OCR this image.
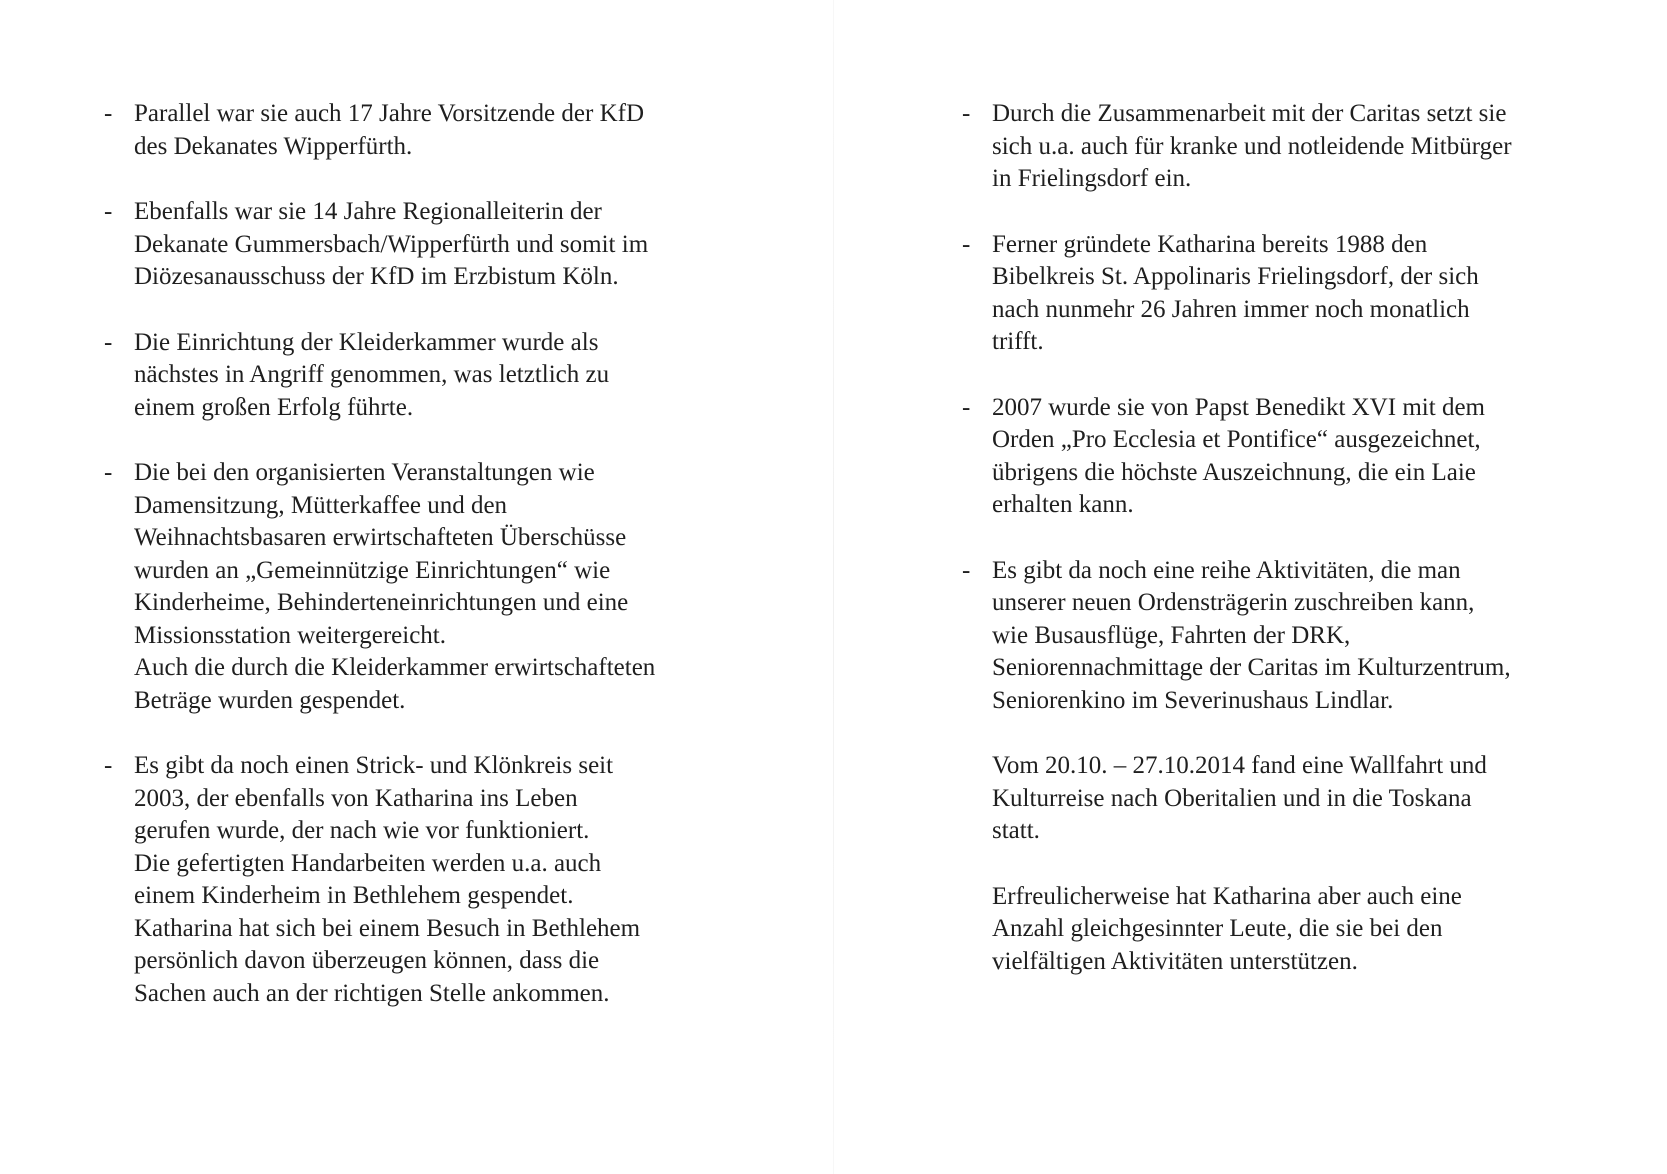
- Parallel war sie auch 17 Jahre Vorsitzende der KfD
des Dekanates Wipperfürth.
- Ebenfalls war sie 14 Jahre Regionalleiterin der
Dekanate Gummersbach/Wipperfürth und somit im
Diözesanausschuss der KfD im Erzbistum Köln.
- Die Einrichtung der Kleiderkammer wurde als
nächstes in Angriff genommen, was letztlich zu
einem großen Erfolg führte.
- Die bei den organisierten Veranstaltungen wie
Damensitzung, Mütterkaffee und den
Weihnachtsbasaren erwirtschafteten Überschüsse
wurden an „Gemeinnützige Einrichtungen“ wie
Kinderheime, Behinderteneinrichtungen und eine
Missionsstation weitergereicht.
Auch die durch die Kleiderkammer erwirtschafteten
Beträge wurden gespendet.
- Es gibt da noch einen Strick- und Klönkreis seit
2003, der ebenfalls von Katharina ins Leben
gerufen wurde, der nach wie vor funktioniert.
Die gefertigten Handarbeiten werden u.a. auch
einem Kinderheim in Bethlehem gespendet.
Katharina hat sich bei einem Besuch in Bethlehem
persönlich davon überzeugen können, dass die
Sachen auch an der richtigen Stelle ankommen.
- Durch die Zusammenarbeit mit der Caritas setzt sie
sich u.a. auch für kranke und notleidende Mitbürger
in Frielingsdorf ein.
- Ferner gründete Katharina bereits 1988 den
Bibelkreis St. Appolinaris Frielingsdorf, der sich
nach nunmehr 26 Jahren immer noch monatlich
trifft.
- 2007 wurde sie von Papst Benedikt XVI mit dem
Orden „Pro Ecclesia et Pontifice“ ausgezeichnet,
übrigens die höchste Auszeichnung, die ein Laie
erhalten kann.
- Es gibt da noch eine reihe Aktivitäten, die man
unserer neuen Ordensträgerin zuschreiben kann,
wie Busausflüge, Fahrten der DRK,
Seniorennachmittage der Caritas im Kulturzentrum,
Seniorenkino im Severinushaus Lindlar.
Vom 20.10. – 27.10.2014 fand eine Wallfahrt und
Kulturreise nach Oberitalien und in die Toskana
statt.
Erfreulicherweise hat Katharina aber auch eine
Anzahl gleichgesinnter Leute, die sie bei den
vielfältigen Aktivitäten unterstützen.
